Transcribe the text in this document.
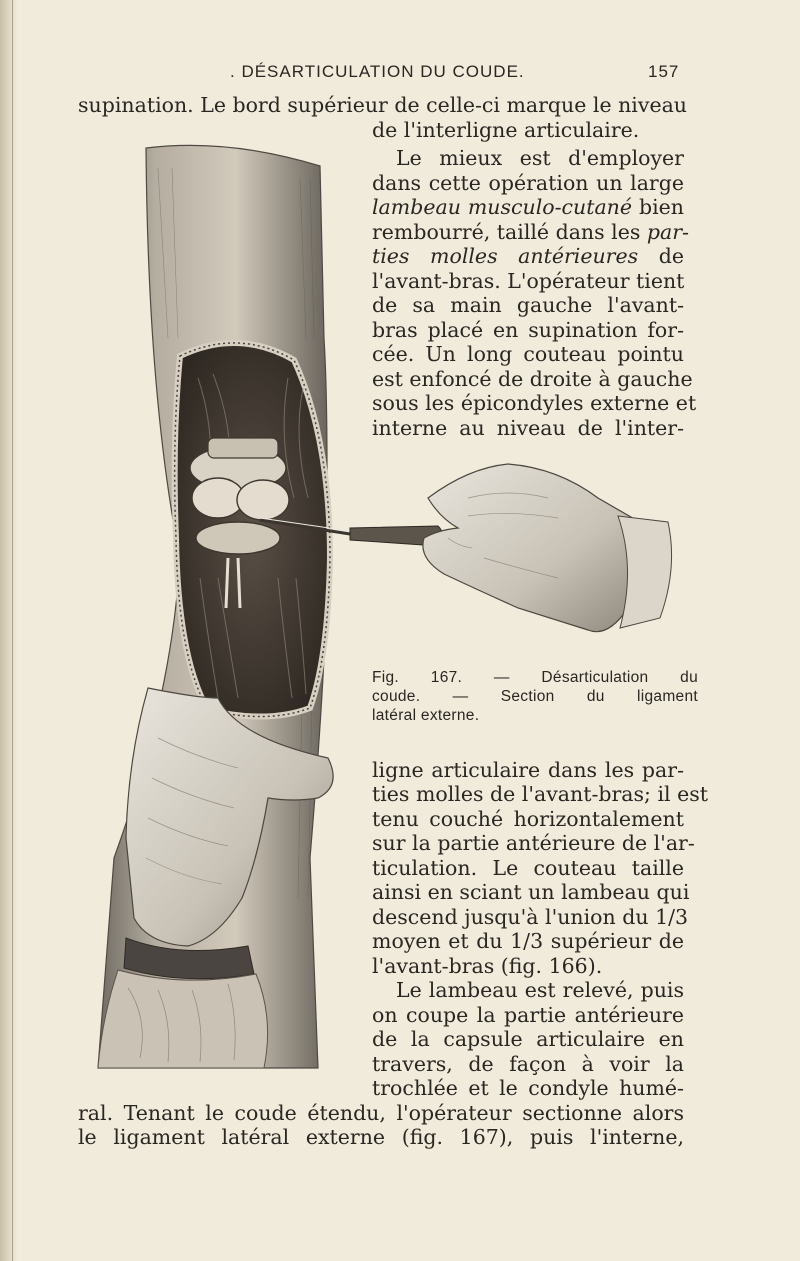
. DÉSARTICULATION DU COUDE.	157
supination. Le bord supérieur de celle-ci marque le niveau
de l'interligne articulaire.
Le mieux est d'employer
dans cette opération un large
lambeau musculo-cutané bien
rembourré, taillé dans les par-
ties molles antérieures de
l'avant-bras. L'opérateur tient
de sa main gauche l'avant-
bras placé en supination for-
cée. Un long couteau pointu
est enfoncé de droite à gauche
sous les épicondyles externe et
interne au niveau de l'inter-
Fig. 167. — Désarticulation du
coude. — Section du ligament
latéral externe.
ligne articulaire dans les par-
ties molles de l'avant-bras; il est
tenu couché horizontalement
sur la partie antérieure de l'ar-
ticulation. Le couteau taille
ainsi en sciant un lambeau qui
descend jusqu'à l'union du 1/3
moyen et du 1/3 supérieur de
l'avant-bras (fig. 166).
Le lambeau est relevé, puis
on coupe la partie antérieure
de la capsule articulaire en
travers, de façon à voir la
trochlée et le condyle humé-
ral. Tenant le coude étendu, l'opérateur sectionne alors
le ligament latéral externe (fig. 167), puis l'interne,
